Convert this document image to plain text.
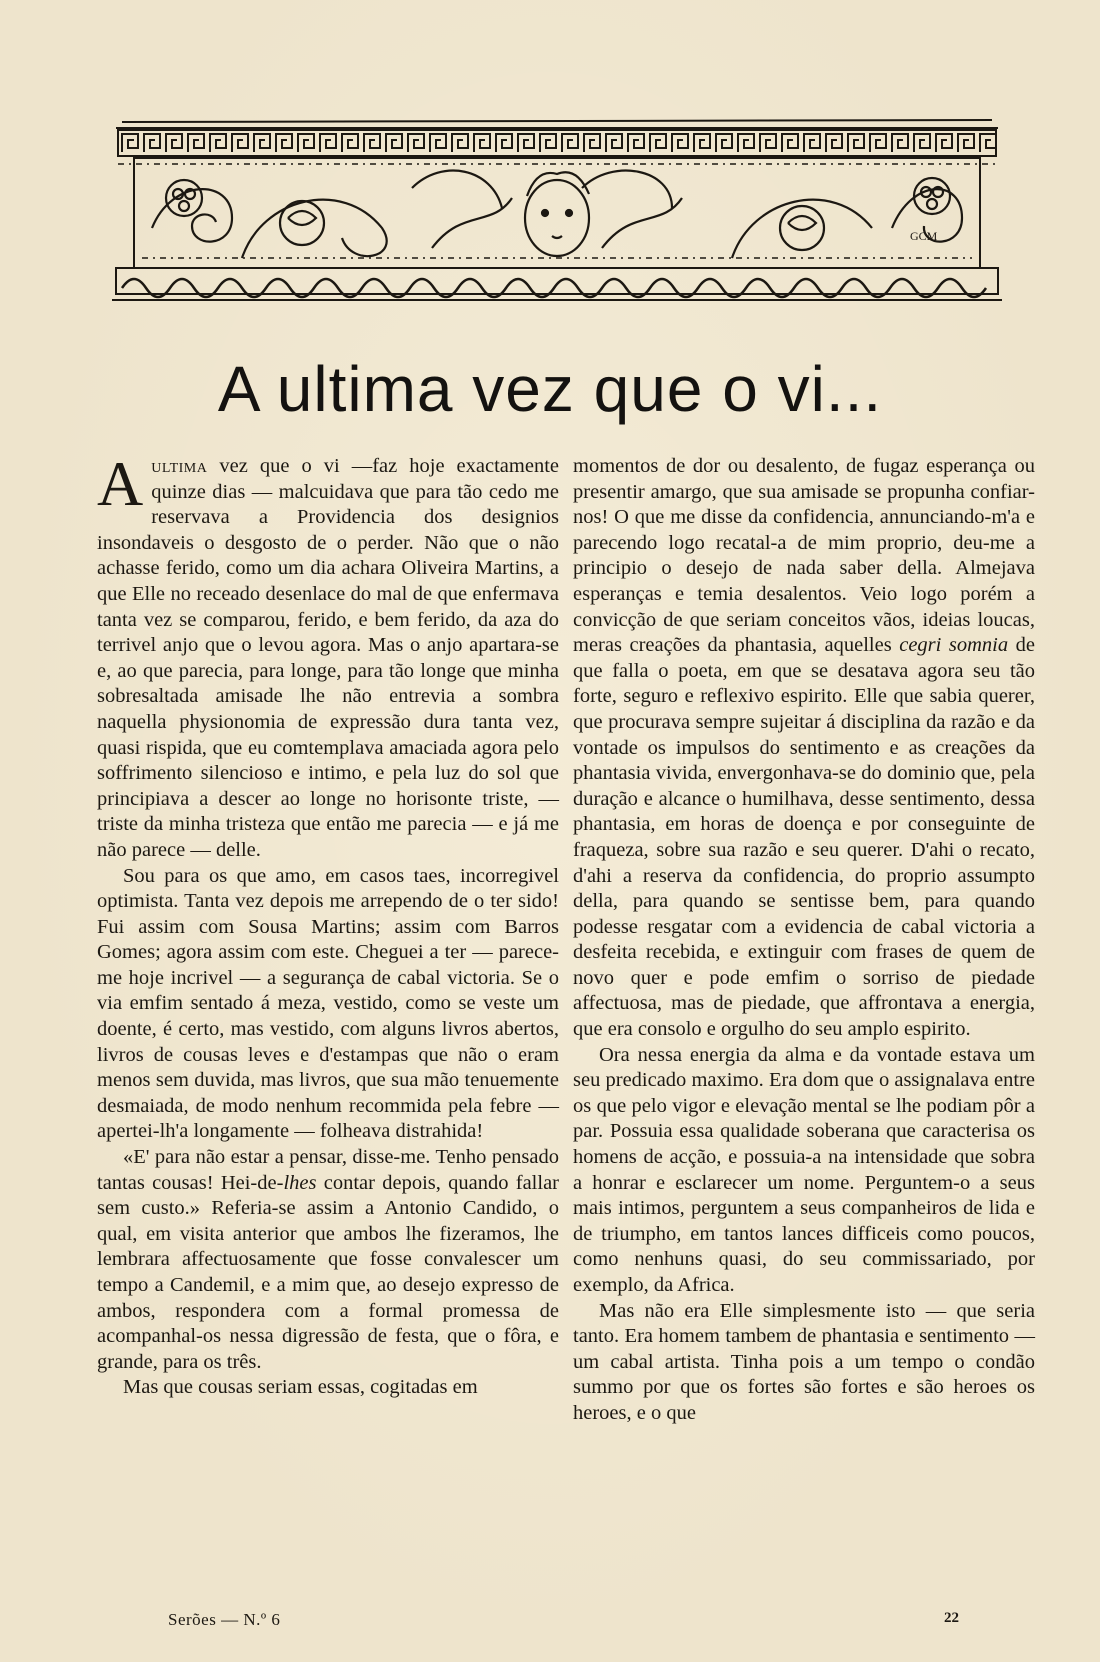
GCM
A ultima vez que o vi...

Aultima vez que o vi —faz hoje exactamente quinze dias — malcuidava que para tão cedo me reservava a Providencia dos designios insondaveis o desgosto de o perder. Não que o não achasse ferido, como um dia achara Oliveira Martins, a que Elle no receado desenlace do mal de que enfermava tanta vez se comparou, ferido, e bem ferido, da aza do terrivel anjo que o levou agora. Mas o anjo apartara-se e, ao que parecia, para longe, para tão longe que minha sobresaltada amisade lhe não entrevia a sombra naquella physionomia de expressão dura tanta vez, quasi rispida, que eu comtemplava amaciada agora pelo soffrimento silencioso e intimo, e pela luz do sol que principiava a descer ao longe no horisonte triste, — triste da minha tristeza que então me parecia — e já me não parece — delle.

Sou para os que amo, em casos taes, incorregivel optimista. Tanta vez depois me arrependo de o ter sido! Fui assim com Sousa Martins; assim com Barros Gomes; agora assim com este. Cheguei a ter — parece-me hoje incrivel — a segurança de cabal victoria. Se o via emfim sentado á meza, vestido, como se veste um doente, é certo, mas vestido, com alguns livros abertos, livros de cousas leves e d'estampas que não o eram menos sem duvida, mas livros, que sua mão tenuemente desmaiada, de modo nenhum recommida pela febre — apertei-lh'a longamente — folheava distrahida!

«E' para não estar a pensar, disse-me. Tenho pensado tantas cousas! Hei-de-lhes contar depois, quando fallar sem custo.» Referia-se assim a Antonio Candido, o qual, em visita anterior que ambos lhe fizeramos, lhe lembrara affectuosamente que fosse convalescer um tempo a Candemil, e a mim que, ao desejo expresso de ambos, respondera com a formal promessa de acompanhal-os nessa digressão de festa, que o fôra, e grande, para os três.

Mas que cousas seriam essas, cogitadas em

momentos de dor ou desalento, de fugaz esperança ou presentir amargo, que sua amisade se propunha confiar-nos! O que me disse da confidencia, annunciando-m'a e parecendo logo recatal-a de mim proprio, deu-me a principio o desejo de nada saber della. Almejava esperanças e temia desalentos. Veio logo porém a convicção de que seriam conceitos vãos, ideias loucas, meras creações da phantasia, aquelles cegri somnia de que falla o poeta, em que se desatava agora seu tão forte, seguro e reflexivo espirito. Elle que sabia querer, que procurava sempre sujeitar á disciplina da razão e da vontade os impulsos do sentimento e as creações da phantasia vivida, envergonhava-se do dominio que, pela duração e alcance o humilhava, desse sentimento, dessa phantasia, em horas de doença e por conseguinte de fraqueza, sobre sua razão e seu querer. D'ahi o recato, d'ahi a reserva da confidencia, do proprio assumpto della, para quando se sentisse bem, para quando podesse resgatar com a evidencia de cabal victoria a desfeita recebida, e extinguir com frases de quem de novo quer e pode emfim o sorriso de piedade affectuosa, mas de piedade, que affrontava a energia, que era consolo e orgulho do seu amplo espirito.

Ora nessa energia da alma e da vontade estava um seu predicado maximo. Era dom que o assignalava entre os que pelo vigor e elevação mental se lhe podiam pôr a par. Possuia essa qualidade soberana que caracterisa os homens de acção, e possuia-a na intensidade que sobra a honrar e esclarecer um nome. Perguntem-o a seus mais intimos, perguntem a seus companheiros de lida e de triumpho, em tantos lances difficeis como poucos, como nenhuns quasi, do seu commissariado, por exemplo, da Africa.

Mas não era Elle simplesmente isto — que seria tanto. Era homem tambem de phantasia e sentimento — um cabal artista. Tinha pois a um tempo o condão summo por que os fortes são fortes e são heroes os heroes, e o que

Serões — N.º 6	22
